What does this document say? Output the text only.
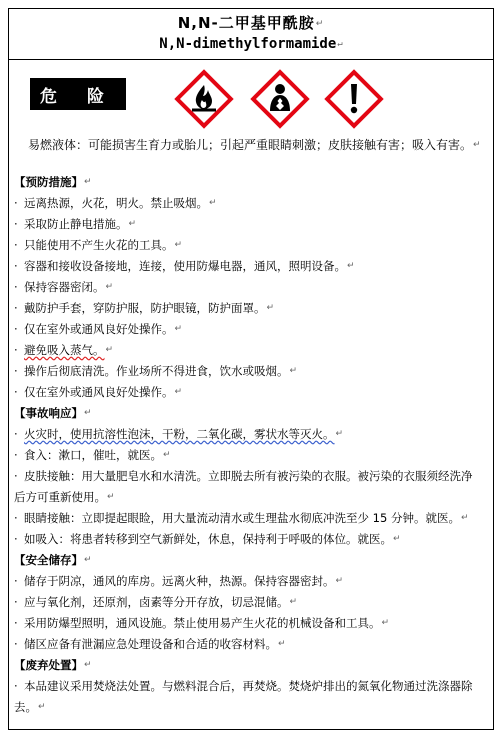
N,N-二甲基甲酰胺↵
N,N-dimethylformamide↵
危 险
易燃液体：可能损害生育力或胎儿；引起严重眼睛刺激；皮肤接触有害；吸入有害。↵
【预防措施】↵
· 远离热源，火花，明火。禁止吸烟。↵
· 采取防止静电措施。↵
· 只能使用不产生火花的工具。↵
· 容器和接收设备接地，连接，使用防爆电器，通风，照明设备。↵
· 保持容器密闭。↵
· 戴防护手套，穿防护服，防护眼镜，防护面罩。↵
· 仅在室外或通风良好处操作。↵
· 避免吸入蒸气。↵
· 操作后彻底清洗。作业场所不得进食，饮水或吸烟。↵
· 仅在室外或通风良好处操作。↵
【事故响应】↵
· 火灾时，使用抗溶性泡沫，干粉，二氧化碳，雾状水等灭火。↵
· 食入：漱口，催吐，就医。↵
· 皮肤接触：用大量肥皂水和水清洗。立即脱去所有被污染的衣服。被污染的衣服须经洗净后方可重新使用。↵
· 眼睛接触：立即提起眼睑，用大量流动清水或生理盐水彻底冲洗至少 15 分钟。就医。↵
· 如吸入：将患者转移到空气新鲜处，休息，保持利于呼吸的体位。就医。↵
【安全储存】↵
· 储存于阴凉，通风的库房。远离火种，热源。保持容器密封。↵
· 应与氧化剂，还原剂，卤素等分开存放，切忌混储。↵
· 采用防爆型照明，通风设施。禁止使用易产生火花的机械设备和工具。↵
· 储区应备有泄漏应急处理设备和合适的收容材料。↵
【废弃处置】↵
· 本品建议采用焚烧法处置。与燃料混合后，再焚烧。焚烧炉排出的氮氧化物通过洗涤器除去。↵
